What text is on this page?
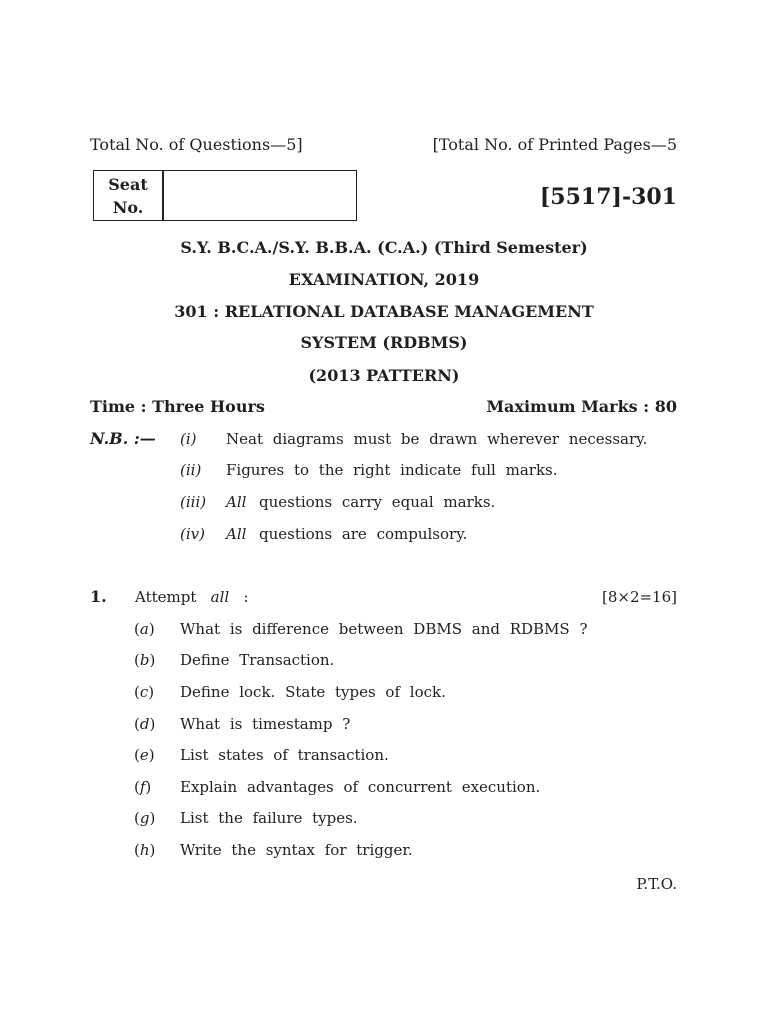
Total No. of Questions—5]	[Total No. of Printed Pages—5
Seat No.	[5517]-301
S.Y. B.C.A./S.Y. B.B.A. (C.A.) (Third Semester)
EXAMINATION, 2019
301 : RELATIONAL DATABASE MANAGEMENT
SYSTEM (RDBMS)
(2013 PATTERN)
Time : Three Hours	Maximum Marks : 80
N.B. :— (i) Neat diagrams must be drawn wherever necessary.
(ii) Figures to the right indicate full marks.
(iii) All questions carry equal marks.
(iv) All questions are compulsory.
1. Attempt all :	[8×2=16]
(a) What is difference between DBMS and RDBMS ?
(b) Define Transaction.
(c) Define lock. State types of lock.
(d) What is timestamp ?
(e) List states of transaction.
(f) Explain advantages of concurrent execution.
(g) List the failure types.
(h) Write the syntax for trigger.
P.T.O.
